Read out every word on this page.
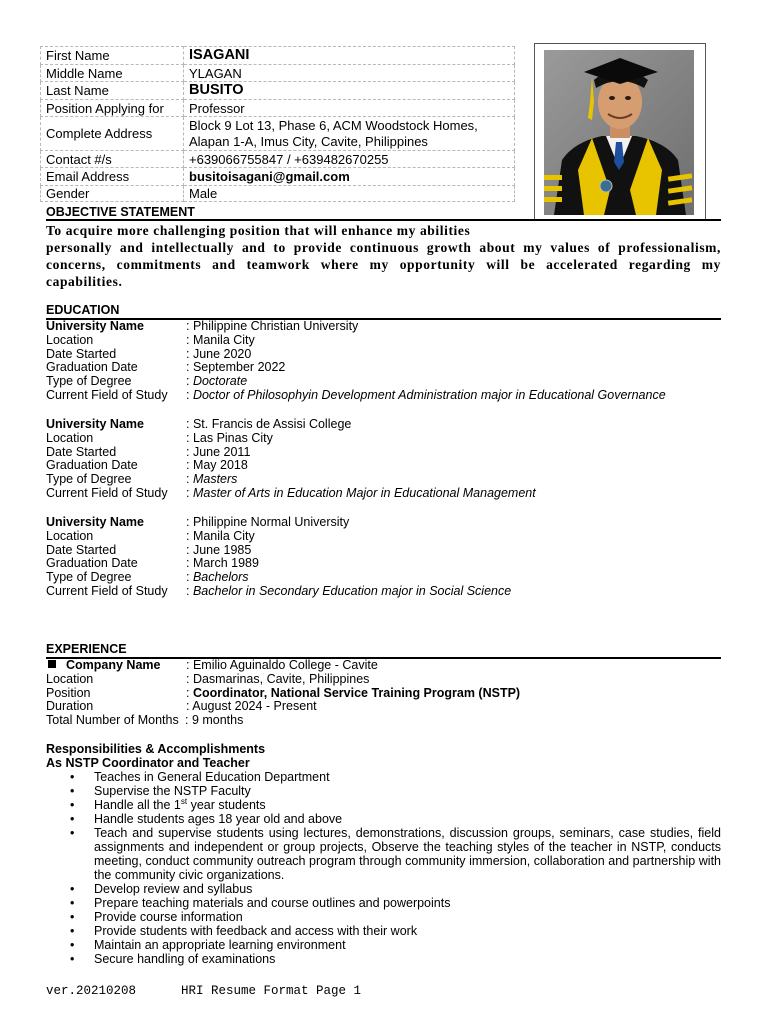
First Name	ISAGANI
Middle Name	YLAGAN
Last Name	BUSITO
Position Applying for	Professor
Complete Address	Block 9 Lot 13, Phase 6, ACM Woodstock Homes, Alapan 1-A, Imus City, Cavite, Philippines
Contact #/s	+639066755847 / +639482670255
Email Address	busitoisagani@gmail.com
Gender	Male
OBJECTIVE STATEMENT
To acquire more challenging position that will enhance my abilities
personally and intellectually and to provide continuous growth about my values of professionalism, concerns, commitments and teamwork where my opportunity will be accelerated regarding my capabilities.
EDUCATION
University Name	: Philippine Christian University
Location	: Manila City
Date Started	: June 2020
Graduation Date	: September 2022
Type of Degree	: Doctorate
Current Field of Study	: Doctor of Philosophyin Development Administration major in Educational Governance
University Name	: St. Francis de Assisi College
Location	: Las Pinas City
Date Started	: June 2011
Graduation Date	: May 2018
Type of Degree	: Masters
Current Field of Study	: Master of Arts in Education Major in Educational Management
University Name	: Philippine Normal University
Location	: Manila City
Date Started	: June 1985
Graduation Date	: March 1989
Type of Degree	: Bachelors
Current Field of Study	: Bachelor in Secondary Education major in Social Science
EXPERIENCE
Company Name	: Emilio Aguinaldo College - Cavite
Location	: Dasmarinas, Cavite, Philippines
Position	: Coordinator, National Service Training Program (NSTP)
Duration	: August 2024 - Present
Total Number of Months : 9 months
Responsibilities & Accomplishments
As NSTP Coordinator and Teacher
• Teaches in General Education Department
• Supervise the NSTP Faculty
• Handle all the 1st year students
• Handle students ages 18 year old and above
• Teach and supervise students using lectures, demonstrations, discussion groups, seminars, case studies, field assignments and independent or group projects, Observe the teaching styles of the teacher in NSTP, conducts meeting, conduct community outreach program through community immersion, collaboration and partnership with the community civic organizations.
• Develop review and syllabus
• Prepare teaching materials and course outlines and powerpoints
• Provide course information
• Provide students with feedback and access with their work
• Maintain an appropriate learning environment
• Secure handling of examinations
ver.20210208	HRI Resume Format Page 1
